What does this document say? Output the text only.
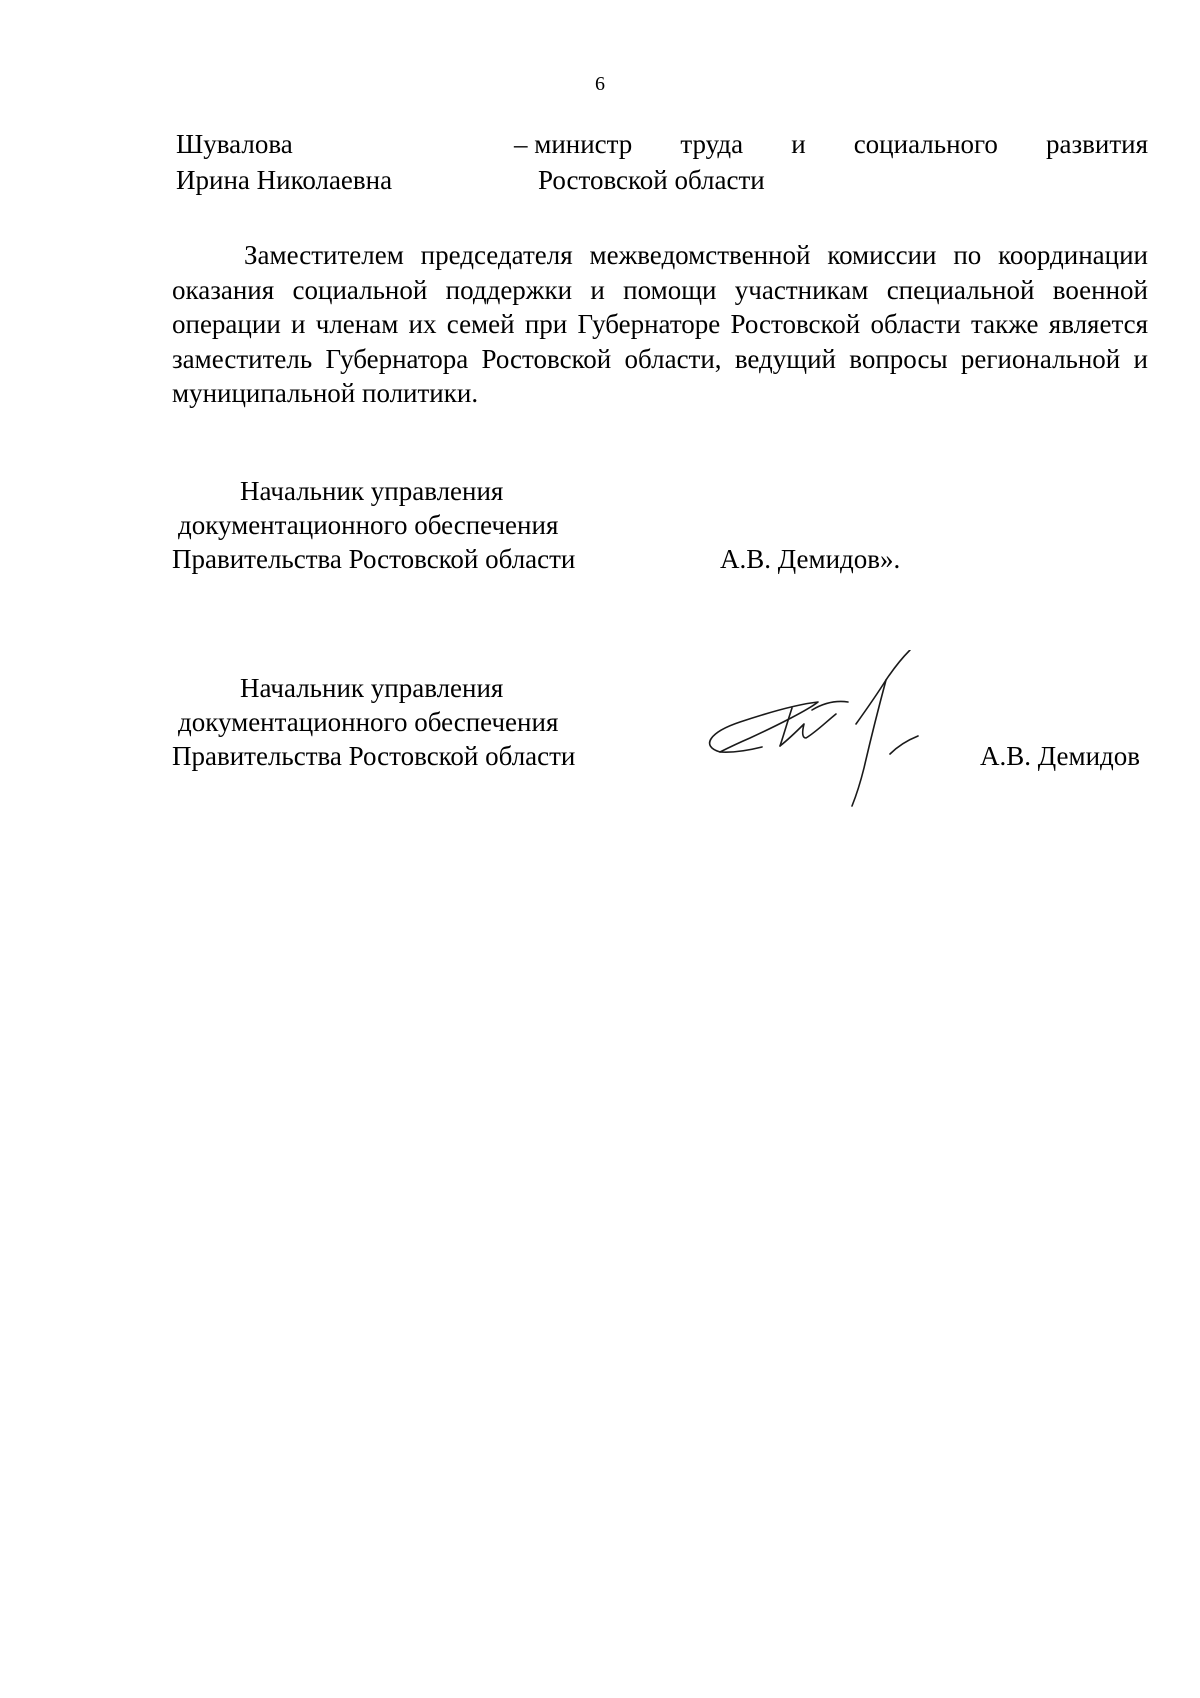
6
Шувалова
Ирина Николаевна
– министр труда и социального развития
Ростовской области

Заместителем председателя межведомственной комиссии по координации оказания социальной поддержки и помощи участникам специальной военной операции и членам их семей при Губернаторе Ростовской области также является заместитель Губернатора Ростовской области, ведущий вопросы региональной и муниципальной политики.

Начальник управления
документационного обеспечения
Правительства Ростовской области	А.В. Демидов».
Начальник управления
документационного обеспечения
Правительства Ростовской области	А.В. Демидов
